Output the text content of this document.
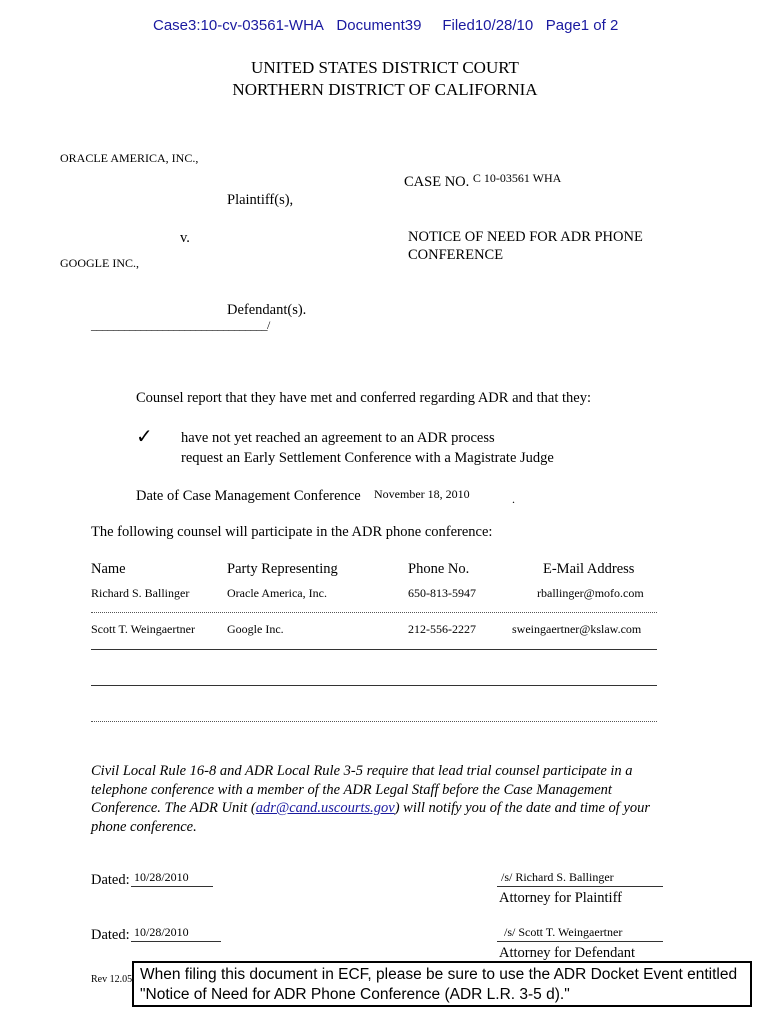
Case3:10-cv-03561-WHA Document39 Filed10/28/10 Page1 of 2
UNITED STATES DISTRICT COURT
NORTHERN DISTRICT OF CALIFORNIA
ORACLE AMERICA, INC.,
CASE NO. $^{C 10-03561 WHA}$
Plaintiff(s),
v.	NOTICE OF NEED FOR ADR PHONE
CONFERENCE
GOOGLE INC.,
Defendant(s).
________________________________/
Counsel report that they have met and conferred regarding ADR and that they:
✓ have not yet reached an agreement to an ADR process
request an Early Settlement Conference with a Magistrate Judge
Date of Case Management Conference November 18, 2010	.
The following counsel will participate in the ADR phone conference:
Name	Party Representing	Phone No.	E-Mail Address
Richard S. Ballinger	Oracle America, Inc.	650-813-5947	rballinger@mofo.com
Scott T. Weingaertner	Google Inc.	212-556-2227	sweingaertner@kslaw.com
Civil Local Rule 16-8 and ADR Local Rule 3-5 require that lead trial counsel participate in a
telephone conference with a member of the ADR Legal Staff before the Case Management
Conference. The ADR Unit (adr@cand.uscourts.gov) will notify you of the date and time of your
phone conference.
Dated: 10/28/2010	/s/ Richard S. Ballinger
Attorney for Plaintiff
Dated: 10/28/2010	/s/ Scott T. Weingaertner
Attorney for Defendant
Rev 12.05 When filing this document in ECF, please be sure to use the ADR Docket Event entitled
"Notice of Need for ADR Phone Conference (ADR L.R. 3-5 d)."
